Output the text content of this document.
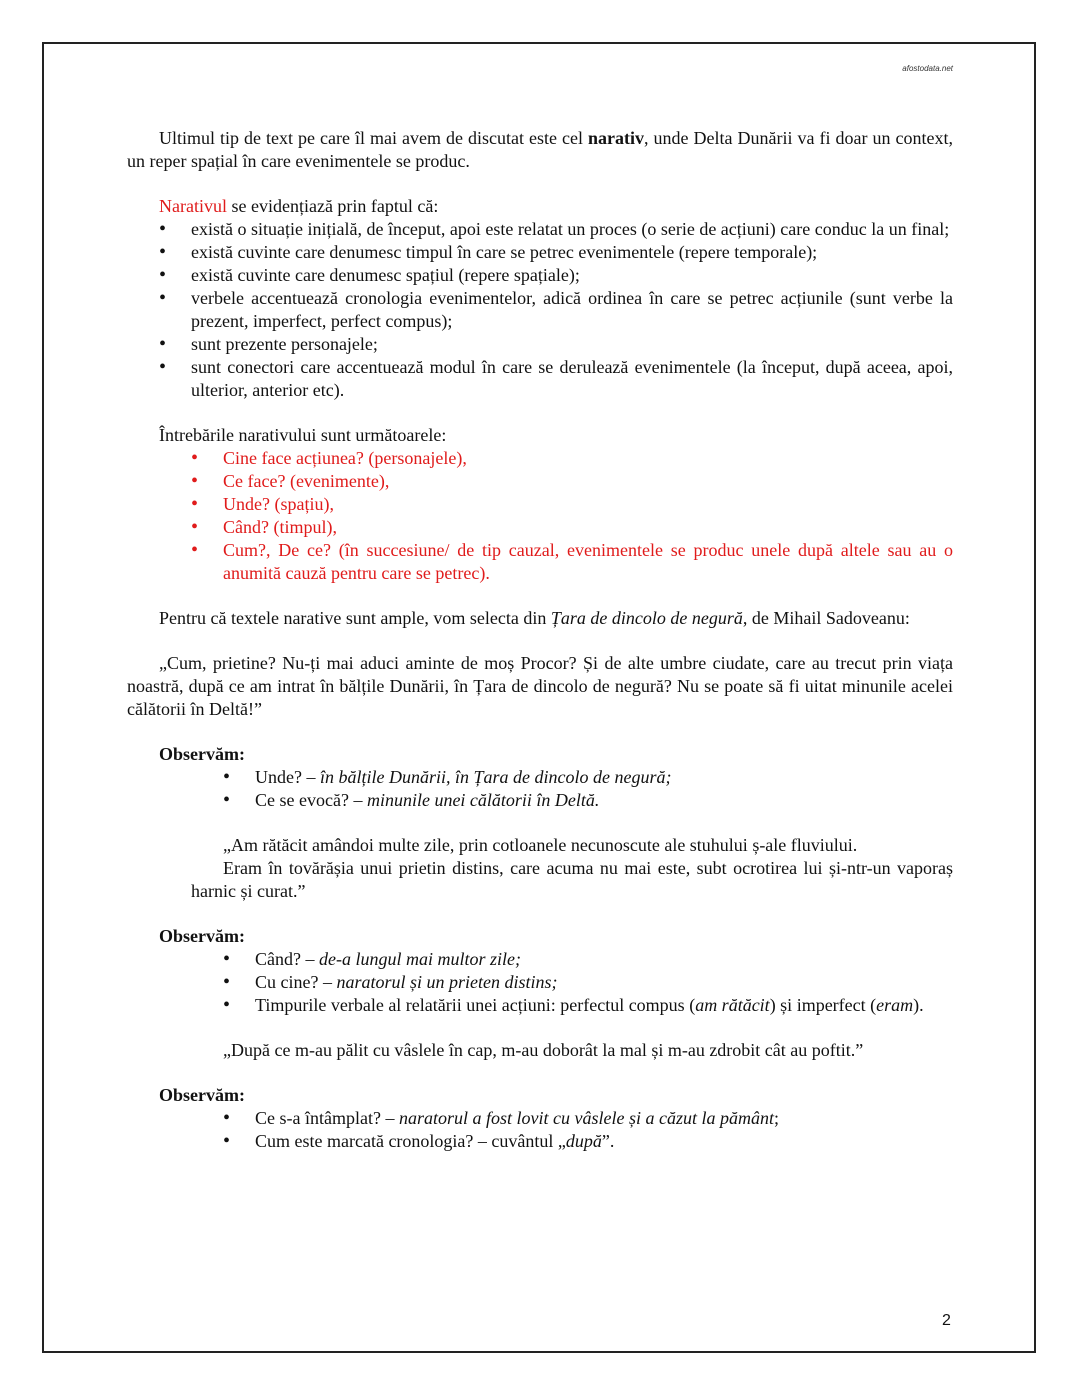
afostodata.net

Ultimul tip de text pe care îl mai avem de discutat este cel narativ, unde Delta Dunării va fi doar un context, un reper spațial în care evenimentele se produc.

Narativul se evidențiază prin faptul că:

• există o situație inițială, de început, apoi este relatat un proces (o serie de acțiuni) care conduc la un final;
• există cuvinte care denumesc timpul în care se petrec evenimentele (repere temporale);
• există cuvinte care denumesc spațiul (repere spațiale);
• verbele accentuează cronologia evenimentelor, adică ordinea în care se petrec acțiunile (sunt verbe la prezent, imperfect, perfect compus);
• sunt prezente personajele;
• sunt conectori care accentuează modul în care se derulează evenimentele (la început, după aceea, apoi, ulterior, anterior etc).

Întrebările narativului sunt următoarele:

• Cine face acțiunea? (personajele),
• Ce face? (evenimente),
• Unde? (spațiu),
• Când? (timpul),
• Cum?, De ce? (în succesiune/ de tip cauzal, evenimentele se produc unele după altele sau au o anumită cauză pentru care se petrec).

Pentru că textele narative sunt ample, vom selecta din Țara de dincolo de negură, de Mihail Sadoveanu:

„Cum, prietine? Nu-ți mai aduci aminte de moș Procor? Și de alte umbre ciudate, care au trecut prin viața noastră, după ce am intrat în bălțile Dunării, în Țara de dincolo de negură? Nu se poate să fi uitat minunile acelei călătorii în Deltă!”

Observăm:

• Unde? – în bălțile Dunării, în Țara de dincolo de negură;
• Ce se evocă? – minunile unei călătorii în Deltă.

„Am rătăcit amândoi multe zile, prin cotloanele necunoscute ale stuhului ș-ale fluviului.

Eram în tovărășia unui prietin distins, care acuma nu mai este, subt ocrotirea lui și-ntr-un vaporaș harnic și curat.”

Observăm:

• Când? – de-a lungul mai multor zile;
• Cu cine? – naratorul și un prieten distins;
• Timpurile verbale al relatării unei acțiuni: perfectul compus (am rătăcit) și imperfect (eram).

„După ce m-au pălit cu vâslele în cap, m-au doborât la mal și m-au zdrobit cât au poftit.”

Observăm:

• Ce s-a întâmplat? – naratorul a fost lovit cu vâslele și a căzut la pământ;
• Cum este marcată cronologia? – cuvântul „după”.
2
